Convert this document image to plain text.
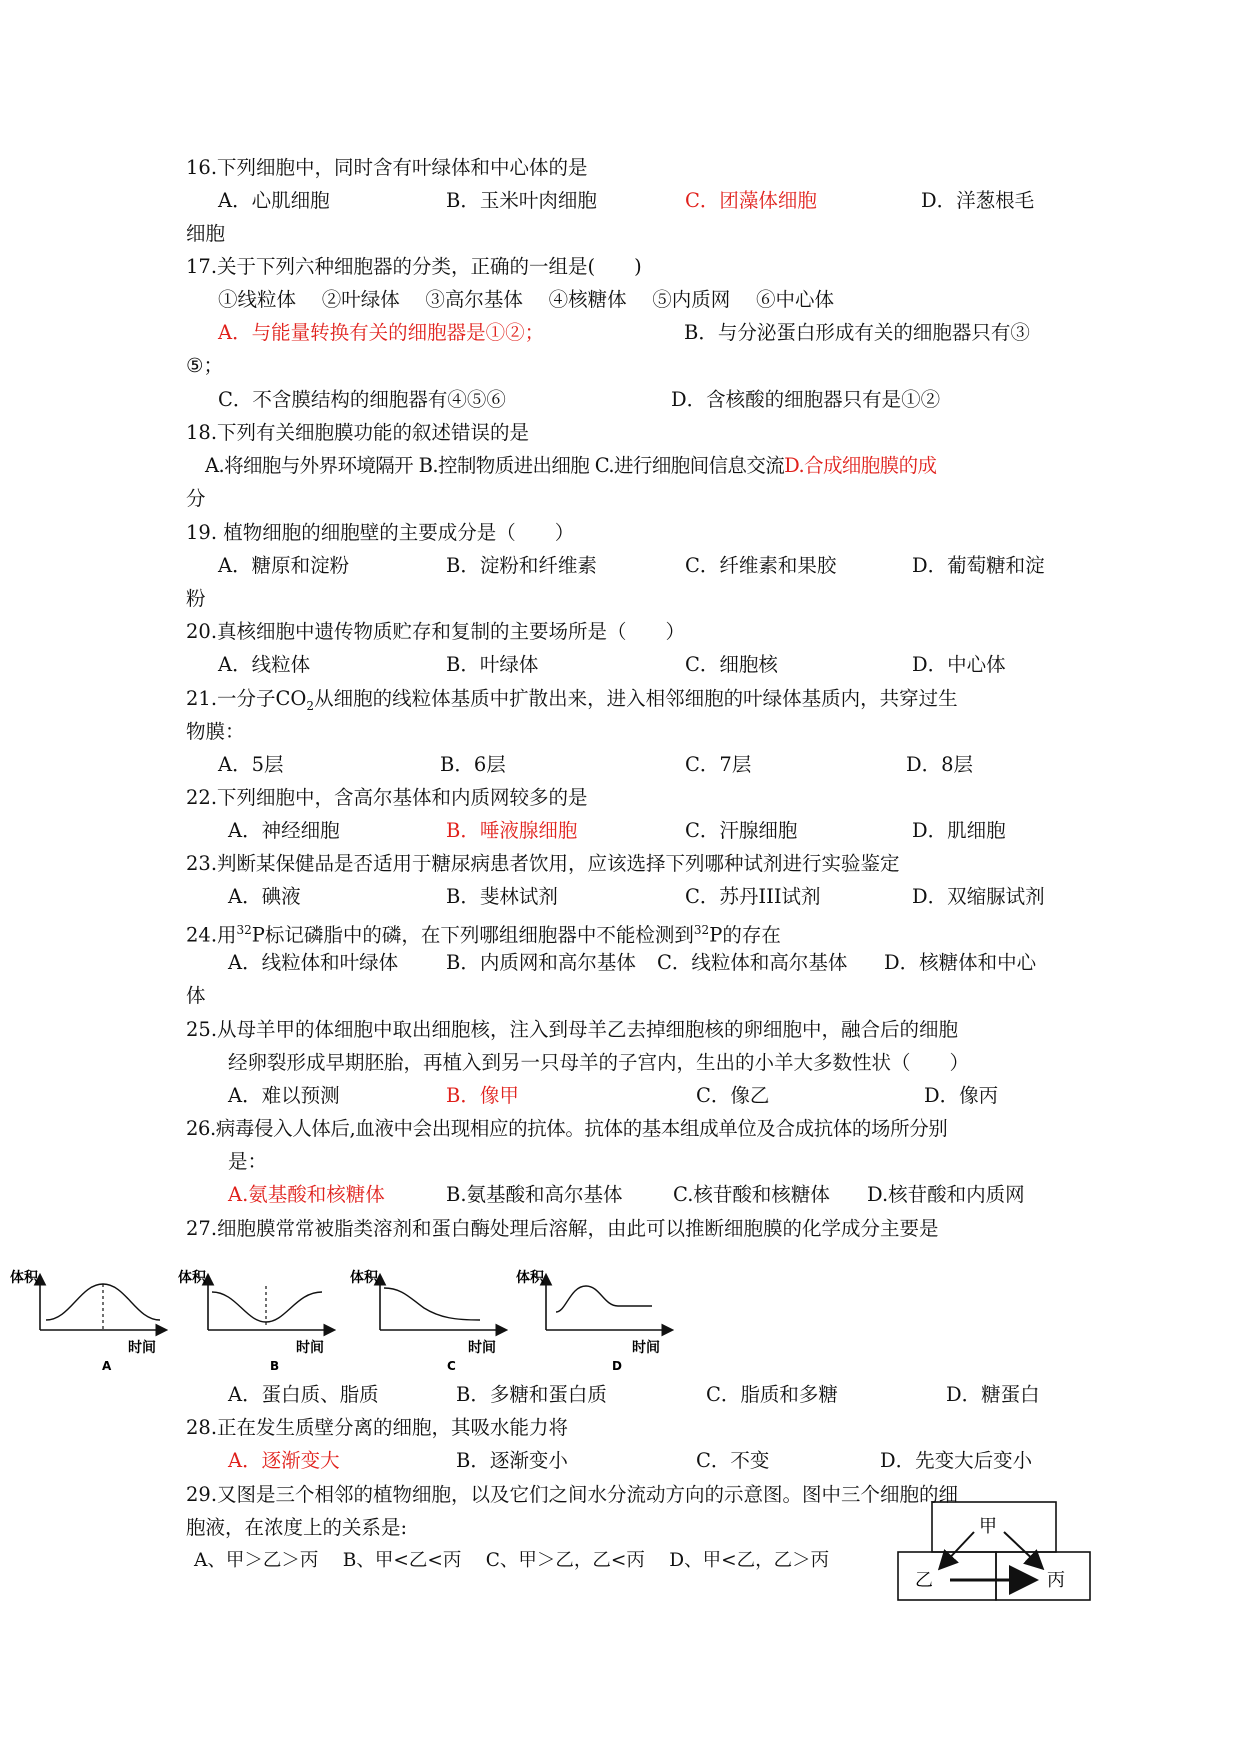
16.下列细胞中，同时含有叶绿体和中心体的是
A．心肌细胞	B．玉米叶肉细胞	C．团藻体细胞	D．洋葱根毛
细胞
17.关于下列六种细胞器的分类，正确的一组是(　　)
①线粒体 　②叶绿体 　③高尔基体 　④核糖体 　⑤内质网 　⑥中心体
A．与能量转换有关的细胞器是①②；	B．与分泌蛋白形成有关的细胞器只有③
⑤；
C．不含膜结构的细胞器有④⑤⑥	D．含核酸的细胞器只有是①②
18.下列有关细胞膜功能的叙述错误的是
A.将细胞与外界环境隔开 B.控制物质进出细胞 C.进行细胞间信息交流D.合成细胞膜的成
分
19. 植物细胞的细胞壁的主要成分是（　　）
A．糖原和淀粉	B．淀粉和纤维素	C．纤维素和果胶	D．葡萄糖和淀
粉
20.真核细胞中遗传物质贮存和复制的主要场所是（　　）
A．线粒体	B．叶绿体	C．细胞核	D．中心体
21.一分子$CO_2$从细胞的线粒体基质中扩散出来，进入相邻细胞的叶绿体基质内，共穿过生
物膜：
A．5层	B．6层	C．7层	D．8层
22.下列细胞中，含高尔基体和内质网较多的是
A．神经细胞	B．唾液腺细胞	C．汗腺细胞	D．肌细胞
23.判断某保健品是否适用于糖尿病患者饮用，应该选择下列哪种试剂进行实验鉴定
A．碘液	B．斐林试剂	C．苏丹III试剂	D．双缩脲试剂
24.用$^{32}$P标记磷脂中的磷，在下列哪组细胞器中不能检测到$^{32}$P的存在
A．线粒体和叶绿体 B．内质网和高尔基体 C．线粒体和高尔基体 D．核糖体和中心
体
25.从母羊甲的体细胞中取出细胞核，注入到母羊乙去掉细胞核的卵细胞中，融合后的细胞
经卵裂形成早期胚胎，再植入到另一只母羊的子宫内，生出的小羊大多数性状（　　）
A．难以预测	B．像甲	C．像乙	D．像丙
26.病毒侵入人体后,血液中会出现相应的抗体。抗体的基本组成单位及合成抗体的场所分别
是：
A.氨基酸和核糖体	B.氨基酸和高尔基体	C.核苷酸和核糖体 D.核苷酸和内质网
27.细胞膜常常被脂类溶剂和蛋白酶处理后溶解，由此可以推断细胞膜的化学成分主要是
体积
时间
A
体积
时间
B
体积
时间
C
体积
时间
D
A．蛋白质、脂质	B．多糖和蛋白质	C．脂质和多糖	D．糖蛋白
28.正在发生质壁分离的细胞，其吸水能力将
A．逐渐变大	B．逐渐变小	C．不变	D．先变大后变小
29.又图是三个相邻的植物细胞，以及它们之间水分流动方向的示意图。图中三个细胞的细
胞液，在浓度上的关系是:
A、甲＞乙＞丙　 B、甲<乙<丙　 C、甲＞乙，乙<丙　 D、甲<乙，乙＞丙
甲
乙	丙
